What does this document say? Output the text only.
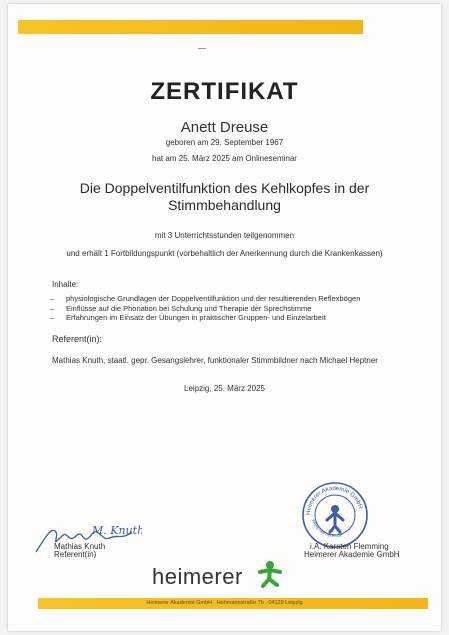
ZERTIFIKAT
Anett Dreuse
geboren am 29. September 1967
hat am 25. März 2025 am Onlineseminar
Die Doppelventilfunktion des Kehlkopfes in der
Stimmbehandlung
mit 3 Unterrichtsstunden teilgenommen
und erhält 1 Fortbildungspunkt (vorbehaltlich der Anerkennung durch die Krankenkassen)
Inhalte:
– physiologische Grundlagen der Doppelventilfunktion und der resultierenden Reflexbögen
– Einflüsse auf die Phonation bei Schulung und Therapie der Sprechstimme
– Erfahrungen im Einsatz der Übungen in praktischer Gruppen- und Einzelarbeit
Referent(in):
Mathias Knuth, staatl. gepr. Gesangslehrer, funktionaler Stimmbildner nach Michael Heptner
Leipzig, 25. März 2025
Heimerer Akademie GmbH
www.heimerer.de
M. Knuth
Mathias Knuth
Referent(in)
i.A. Karsten Flemming
Heimerer Akademie GmbH
heimerer
Heimerer Akademie GmbH . Hohmannstraße 7b . 04129 Leipzig
